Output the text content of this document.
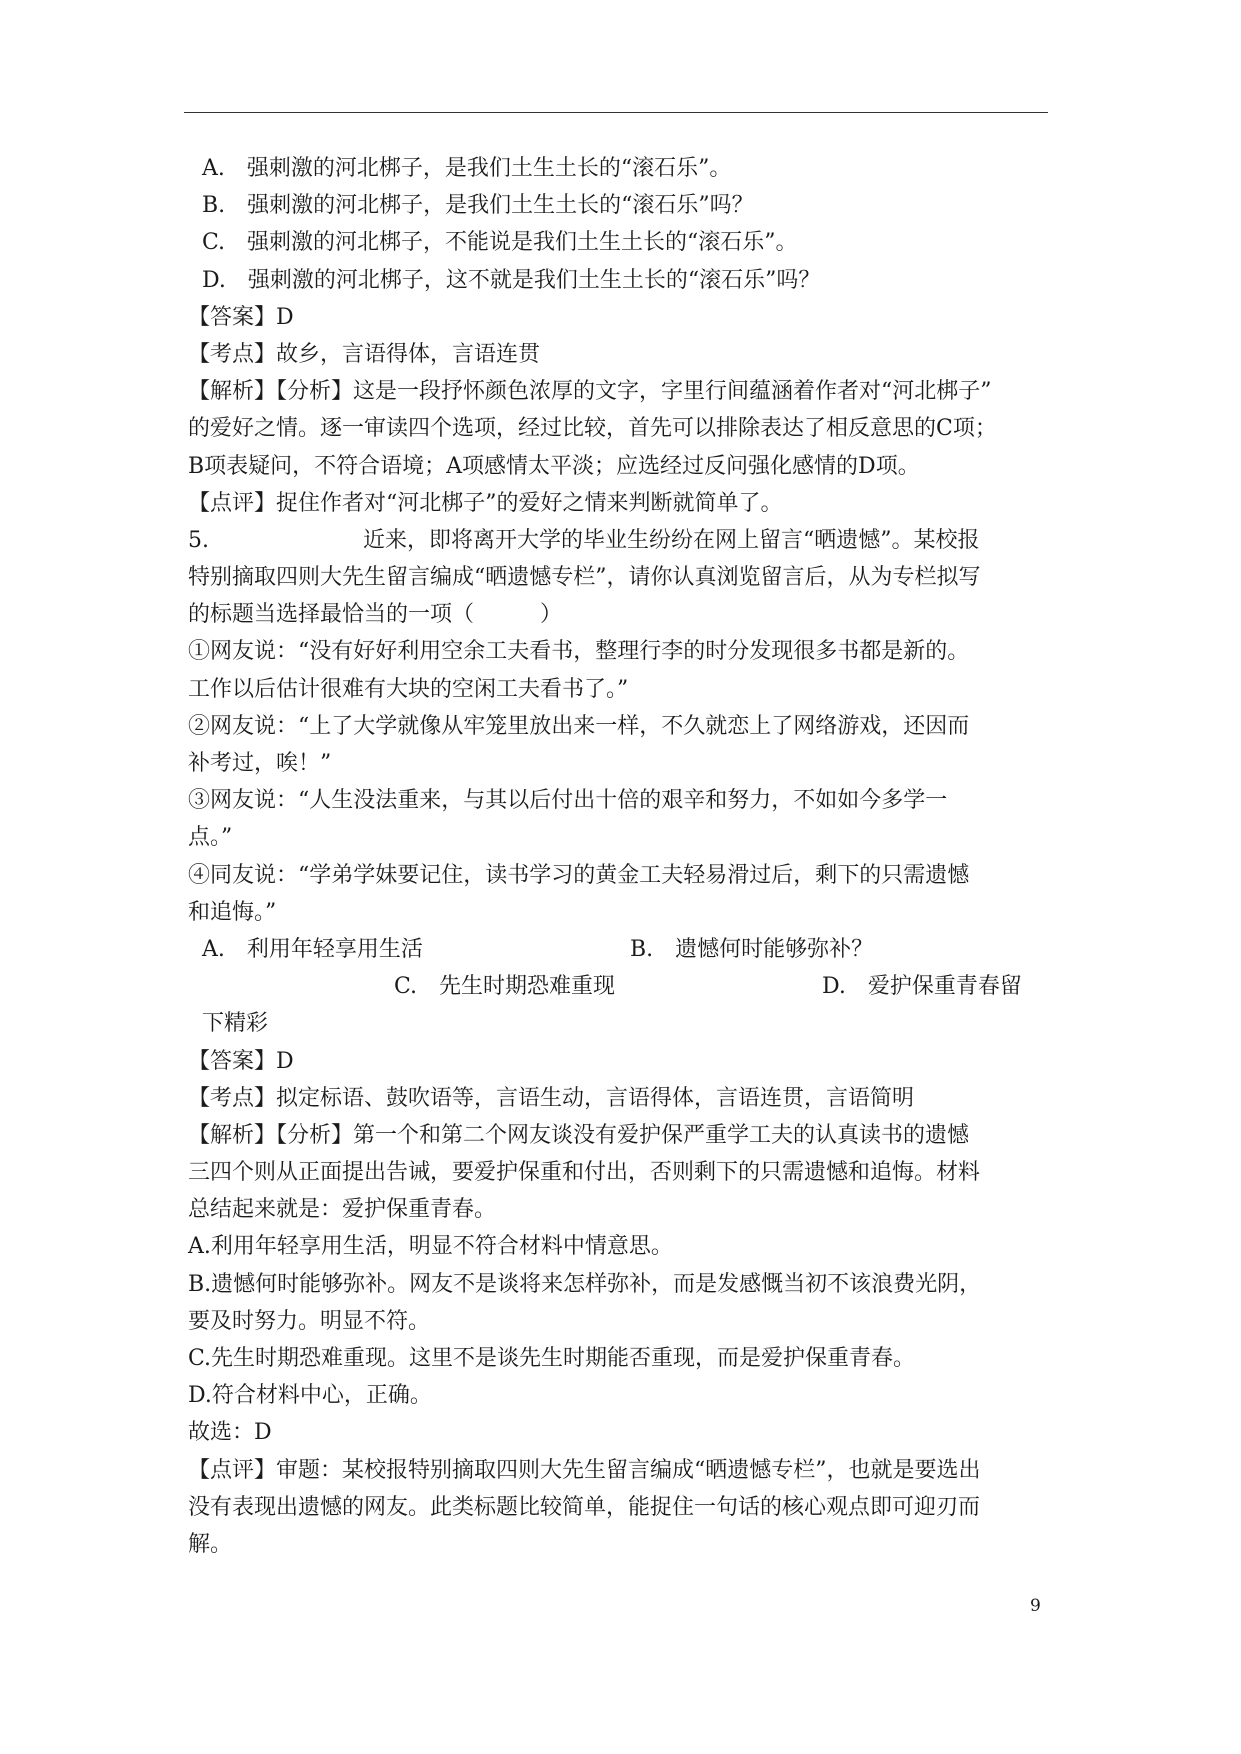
A.　强刺激的河北梆子，是我们土生土长的“滚石乐”。
B.　强刺激的河北梆子，是我们土生土长的“滚石乐”吗？
C.　强刺激的河北梆子，不能说是我们土生土长的“滚石乐”。
D.　强刺激的河北梆子，这不就是我们土生土长的“滚石乐”吗？
【答案】D
【考点】故乡，言语得体，言语连贯
【解析】【分析】这是一段抒怀颜色浓厚的文字，字里行间蕴涵着作者对“河北梆子”
的爱好之情。逐一审读四个选项，经过比较，首先可以排除表达了相反意思的C项；
B项表疑问，不符合语境；A项感情太平淡；应选经过反问强化感情的D项。
【点评】捉住作者对“河北梆子”的爱好之情来判断就简单了。
5.　　　　　　　近来，即将离开大学的毕业生纷纷在网上留言“晒遗憾”。某校报
特别摘取四则大先生留言编成“晒遗憾专栏”，请你认真浏览留言后，从为专栏拟写
的标题当选择最恰当的一项（　　　）
①网友说：“没有好好利用空余工夫看书，整理行李的时分发现很多书都是新的。
工作以后估计很难有大块的空闲工夫看书了。”
②网友说：“上了大学就像从牢笼里放出来一样，不久就恋上了网络游戏，还因而
补考过，唉！”
③网友说：“人生没法重来，与其以后付出十倍的艰辛和努力，不如如今多学一
点。”
④同友说：“学弟学妹要记住，读书学习的黄金工夫轻易滑过后，剩下的只需遗憾
和追悔。”
A.　利用年轻享用生活	B.　遗憾何时能够弥补？
C.　先生时期恐难重现	D.　爱护保重青春留
下精彩
【答案】D
【考点】拟定标语、鼓吹语等，言语生动，言语得体，言语连贯，言语简明
【解析】【分析】第一个和第二个网友谈没有爱护保严重学工夫的认真读书的遗憾
三四个则从正面提出告诫，要爱护保重和付出，否则剩下的只需遗憾和追悔。材料
总结起来就是：爱护保重青春。
A.利用年轻享用生活，明显不符合材料中情意思。
B.遗憾何时能够弥补。网友不是谈将来怎样弥补，而是发感慨当初不该浪费光阴，
要及时努力。明显不符。
C.先生时期恐难重现。这里不是谈先生时期能否重现，而是爱护保重青春。
D.符合材料中心，正确。
故选：D
【点评】审题：某校报特别摘取四则大先生留言编成“晒遗憾专栏”，也就是要选出
没有表现出遗憾的网友。此类标题比较简单，能捉住一句话的核心观点即可迎刃而
解。
9
